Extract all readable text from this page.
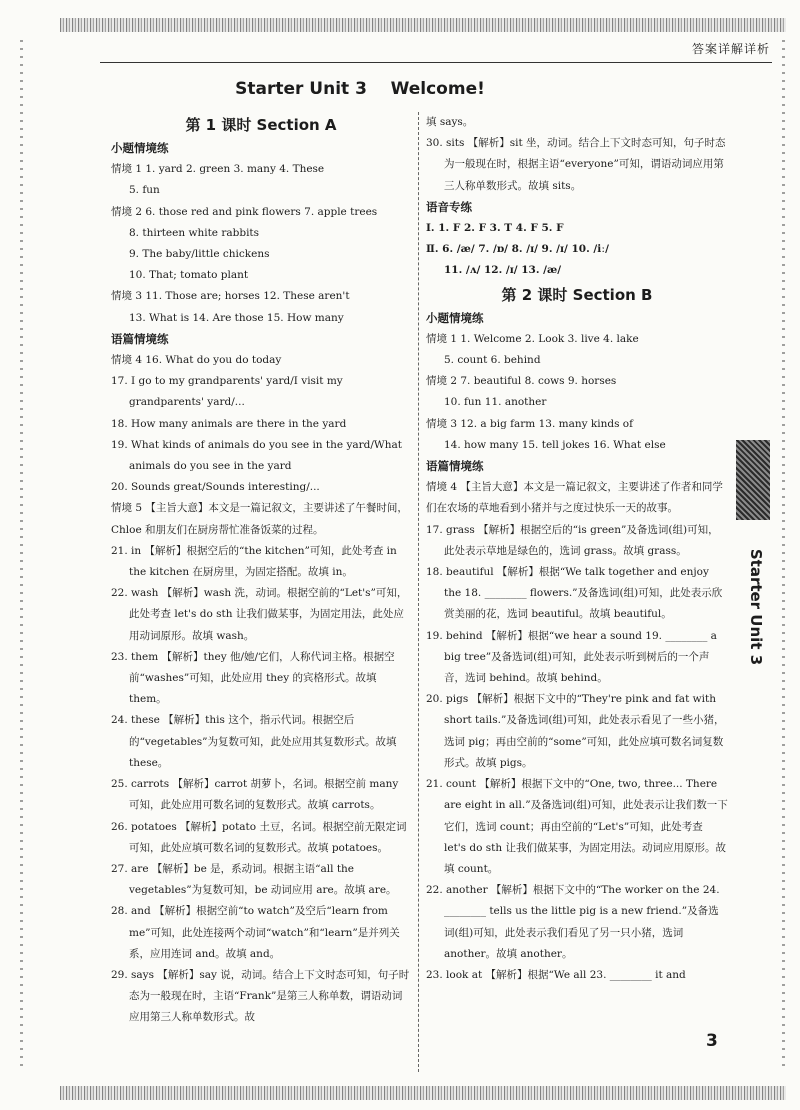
答案详解详析
Starter Unit 3    Welcome!
第 1 课时 Section A
小题情境练
情境 1 1. yard 2. green 3. many 4. These
5. fun
情境 2 6. those red and pink flowers 7. apple trees
8. thirteen white rabbits
9. The baby/little chickens
10. That; tomato plant
情境 3 11. Those are; horses 12. These aren't
13. What is 14. Are those 15. How many
语篇情境练
情境 4 16. What do you do today
17. I go to my grandparents' yard/I visit my grandparents' yard/...
18. How many animals are there in the yard
19. What kinds of animals do you see in the yard/What animals do you see in the yard
20. Sounds great/Sounds interesting/...
情境 5 【主旨大意】本文是一篇记叙文，主要讲述了午餐时间，Chloe 和朋友们在厨房帮忙准备饭菜的过程。
21. in 【解析】根据空后的“the kitchen”可知，此处考查 in the kitchen 在厨房里，为固定搭配。故填 in。
22. wash 【解析】wash 洗，动词。根据空前的“Let's”可知，此处考查 let's do sth 让我们做某事，为固定用法，此处应用动词原形。故填 wash。
23. them 【解析】they 他/她/它们，人称代词主格。根据空前“washes”可知，此处应用 they 的宾格形式。故填 them。
24. these 【解析】this 这个，指示代词。根据空后的“vegetables”为复数可知，此处应用其复数形式。故填 these。
25. carrots 【解析】carrot 胡萝卜，名词。根据空前 many 可知，此处应用可数名词的复数形式。故填 carrots。
26. potatoes 【解析】potato 土豆，名词。根据空前无限定词可知，此处应填可数名词的复数形式。故填 potatoes。
27. are 【解析】be 是，系动词。根据主语“all the vegetables”为复数可知，be 动词应用 are。故填 are。
28. and 【解析】根据空前“to watch”及空后“learn from me”可知，此处连接两个动词“watch”和“learn”是并列关系，应用连词 and。故填 and。
29. says 【解析】say 说，动词。结合上下文时态可知，句子时态为一般现在时，主语“Frank”是第三人称单数，谓语动词应用第三人称单数形式。故
填 says。
30. sits 【解析】sit 坐，动词。结合上下文时态可知，句子时态为一般现在时，根据主语“everyone”可知，谓语动词应用第三人称单数形式。故填 sits。
语音专练
Ⅰ. 1. F 2. F 3. T 4. F 5. F
Ⅱ. 6. /æ/ 7. /ɒ/ 8. /ɪ/ 9. /ɪ/ 10. /iː/
11. /ʌ/ 12. /ɪ/ 13. /æ/
第 2 课时 Section B
小题情境练
情境 1 1. Welcome 2. Look 3. live 4. lake
5. count 6. behind
情境 2 7. beautiful 8. cows 9. horses
10. fun 11. another
情境 3 12. a big farm 13. many kinds of
14. how many 15. tell jokes 16. What else
语篇情境练
情境 4 【主旨大意】本文是一篇记叙文，主要讲述了作者和同学们在农场的草地看到小猪并与之度过快乐一天的故事。
17. grass 【解析】根据空后的“is green”及备选词(组)可知，此处表示草地是绿色的，选词 grass。故填 grass。
18. beautiful 【解析】根据“We talk together and enjoy the 18. ________ flowers.”及备选词(组)可知，此处表示欣赏美丽的花，选词 beautiful。故填 beautiful。
19. behind 【解析】根据“we hear a sound 19. ________ a big tree”及备选词(组)可知，此处表示听到树后的一个声音，选词 behind。故填 behind。
20. pigs 【解析】根据下文中的“They're pink and fat with short tails.”及备选词(组)可知，此处表示看见了一些小猪，选词 pig；再由空前的“some”可知，此处应填可数名词复数形式。故填 pigs。
21. count 【解析】根据下文中的“One, two, three... There are eight in all.”及备选词(组)可知，此处表示让我们数一下它们，选词 count；再由空前的“Let's”可知，此处考查 let's do sth 让我们做某事，为固定用法。动词应用原形。故填 count。
22. another 【解析】根据下文中的“The worker on the 24. ________ tells us the little pig is a new friend.”及备选词(组)可知，此处表示我们看见了另一只小猪，选词 another。故填 another。
23. look at 【解析】根据“We all 23. ________ it and
Starter Unit 3
3
